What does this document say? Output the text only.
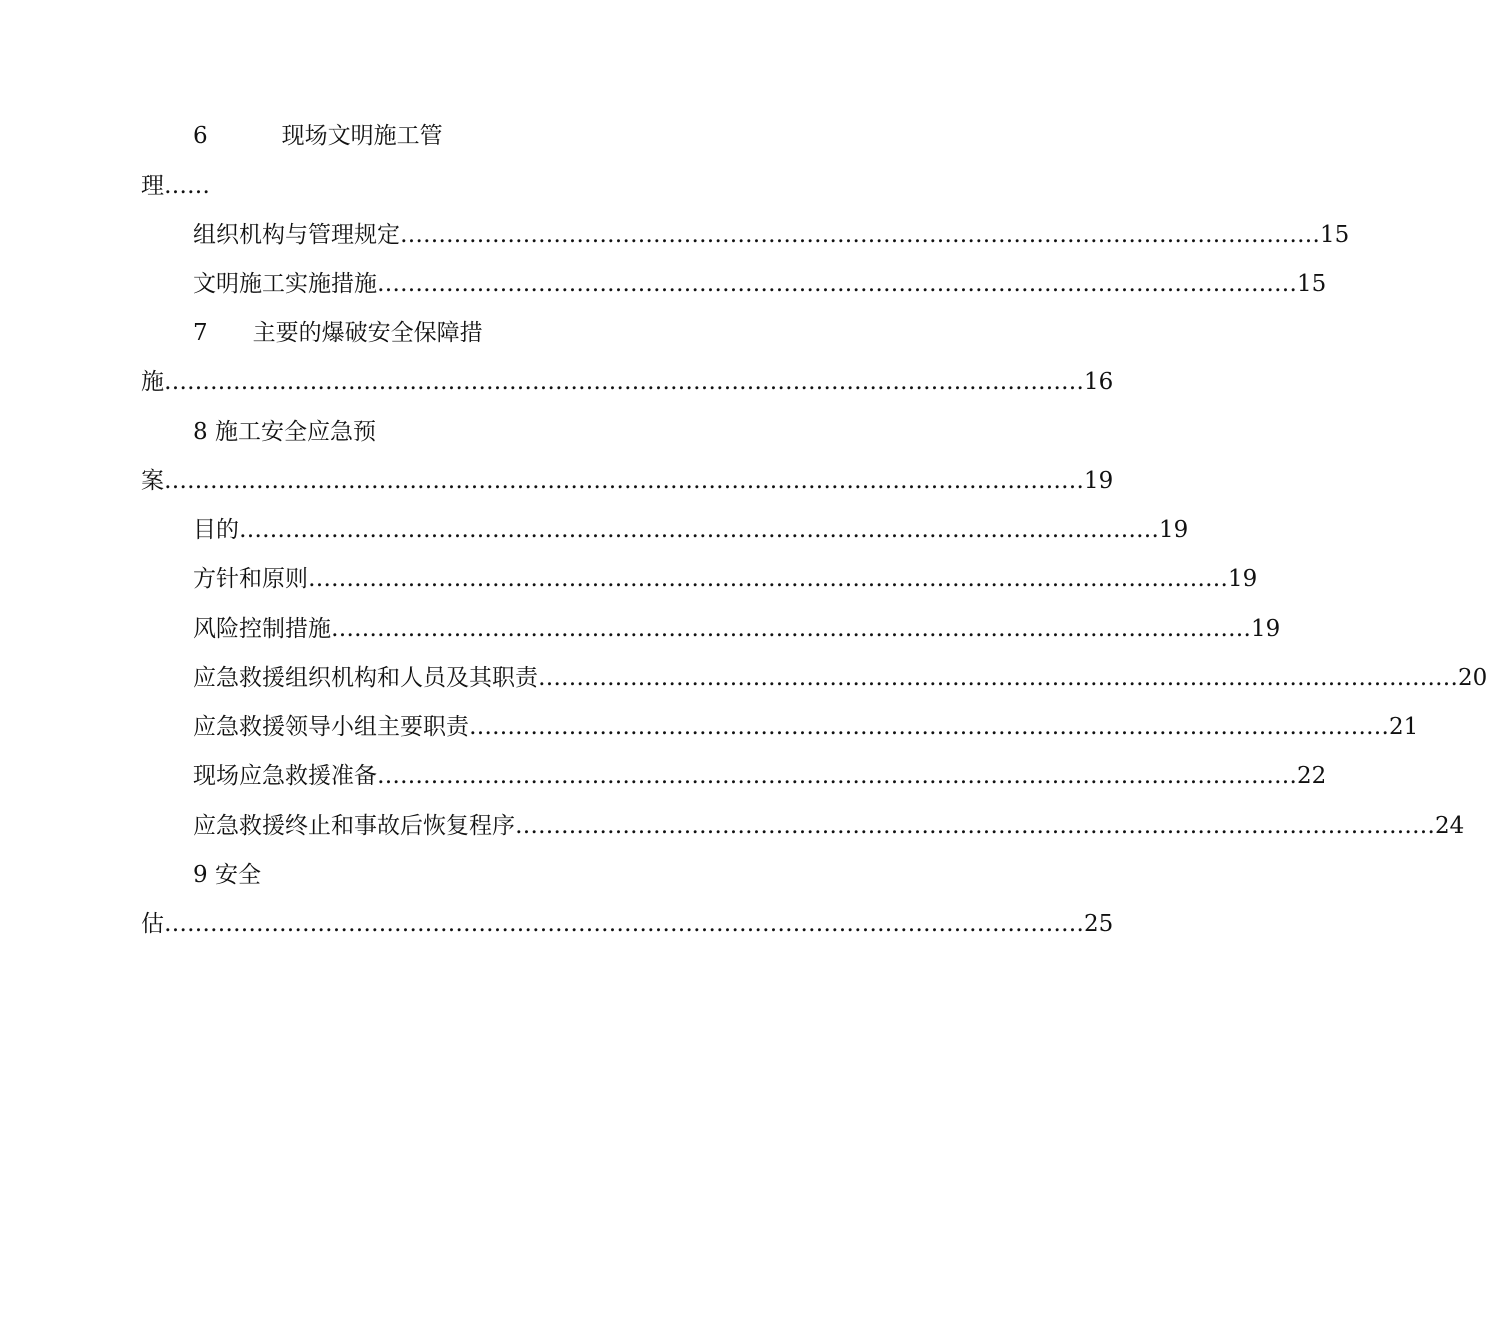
6	现场文明施工管
理……
组织机构与管理规定 ………………………………………………………………………………………………………… 15
文明施工实施措施 ………………………………………………………………………………………………………… 15
7 主要的爆破安全保障措
施 ………………………………………………………………………………………………………… 16
8 施工安全应急预
案 ………………………………………………………………………………………………………… 19
目的 ………………………………………………………………………………………………………… 19
方针和原则 ………………………………………………………………………………………………………… 19
风险控制措施 ………………………………………………………………………………………………………… 19
应急救援组织机构和人员及其职责 ………………………………………………………………………………………………………… 20
应急救援领导小组主要职责 ………………………………………………………………………………………………………… 21
现场应急救援准备 ………………………………………………………………………………………………………… 22
应急救援终止和事故后恢复程序 ………………………………………………………………………………………………………… 24
9 安全
估 ………………………………………………………………………………………………………… 25
